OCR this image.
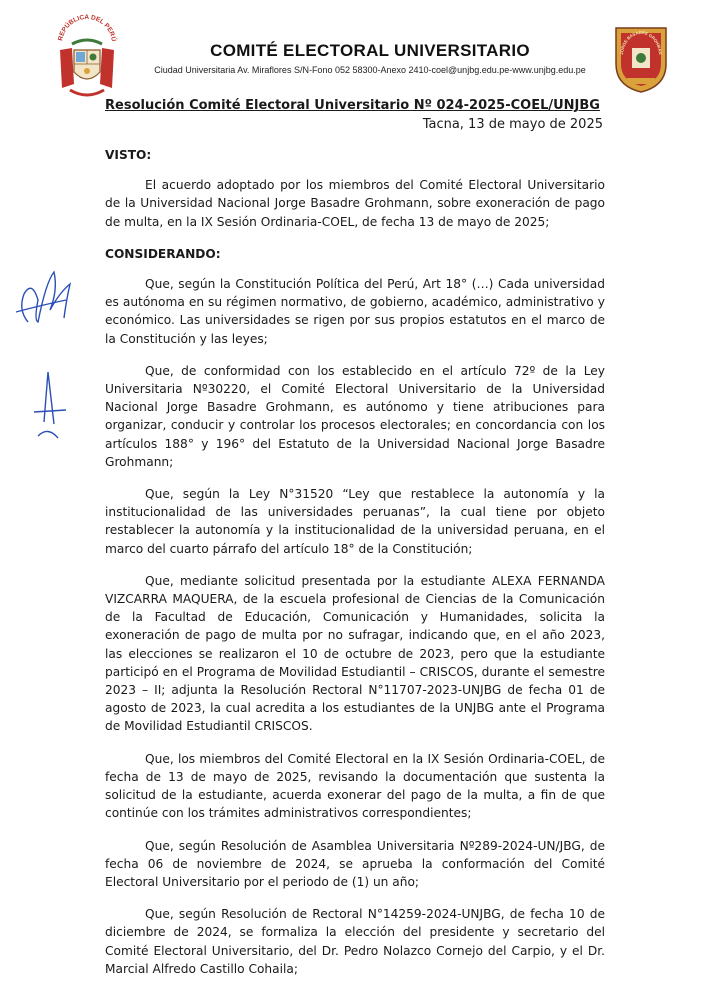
REPÚBLICA DEL PERÚ
COMITÉ ELECTORAL UNIVERSITARIO
Ciudad Universitaria Av. Miraflores S/N-Fono 052 58300-Anexo 2410-coel@unjbg.edu.pe-www.unjbg.edu.pe
JORGE BASADRE GROHMAN
Resolución Comité Electoral Universitario Nº 024-2025-COEL/UNJBG
Tacna, 13 de mayo de 2025
VISTO:

El acuerdo adoptado por los miembros del Comité Electoral Universitario de la Universidad Nacional Jorge Basadre Grohmann, sobre exoneración de pago de multa, en la IX Sesión Ordinaria-COEL, de fecha 13 de mayo de 2025;

CONSIDERANDO:

Que, según la Constitución Política del Perú, Art 18° (…) Cada universidad es autónoma en su régimen normativo, de gobierno, académico, administrativo y económico. Las universidades se rigen por sus propios estatutos en el marco de la Constitución y las leyes;

Que, de conformidad con los establecido en el artículo 72º de la Ley Universitaria Nº30220, el Comité Electoral Universitario de la Universidad Nacional Jorge Basadre Grohmann, es autónomo y tiene atribuciones para organizar, conducir y controlar los procesos electorales; en concordancia con los artículos 188° y 196° del Estatuto de la Universidad Nacional Jorge Basadre Grohmann;

Que, según la Ley N°31520 “Ley que restablece la autonomía y la institucionalidad de las universidades peruanas”, la cual tiene por objeto restablecer la autonomía y la institucionalidad de la universidad peruana, en el marco del cuarto párrafo del artículo 18° de la Constitución;

Que, mediante solicitud presentada por la estudiante ALEXA FERNANDA VIZCARRA MAQUERA, de la escuela profesional de Ciencias de la Comunicación de la Facultad de Educación, Comunicación y Humanidades, solicita la exoneración de pago de multa por no sufragar, indicando que, en el año 2023, las elecciones se realizaron el 10 de octubre de 2023, pero que la estudiante participó en el Programa de Movilidad Estudiantil – CRISCOS, durante el semestre 2023 – II; adjunta la Resolución Rectoral N°11707-2023-UNJBG de fecha 01 de agosto de 2023, la cual acredita a los estudiantes de la UNJBG ante el Programa de Movilidad Estudiantil CRISCOS.

Que, los miembros del Comité Electoral en la IX Sesión Ordinaria-COEL, de fecha de 13 de mayo de 2025, revisando la documentación que sustenta la solicitud de la estudiante, acuerda exonerar del pago de la multa, a fin de que continúe con los trámites administrativos correspondientes;

Que, según Resolución de Asamblea Universitaria Nº289-2024-UN/JBG, de fecha 06 de noviembre de 2024, se aprueba la conformación del Comité Electoral Universitario por el periodo de (1) un año;

Que, según Resolución de Rectoral N°14259-2024-UNJBG, de fecha 10 de diciembre de 2024, se formaliza la elección del presidente y secretario del Comité Electoral Universitario, del Dr. Pedro Nolazco Cornejo del Carpio, y el Dr. Marcial Alfredo Castillo Cohaila;
